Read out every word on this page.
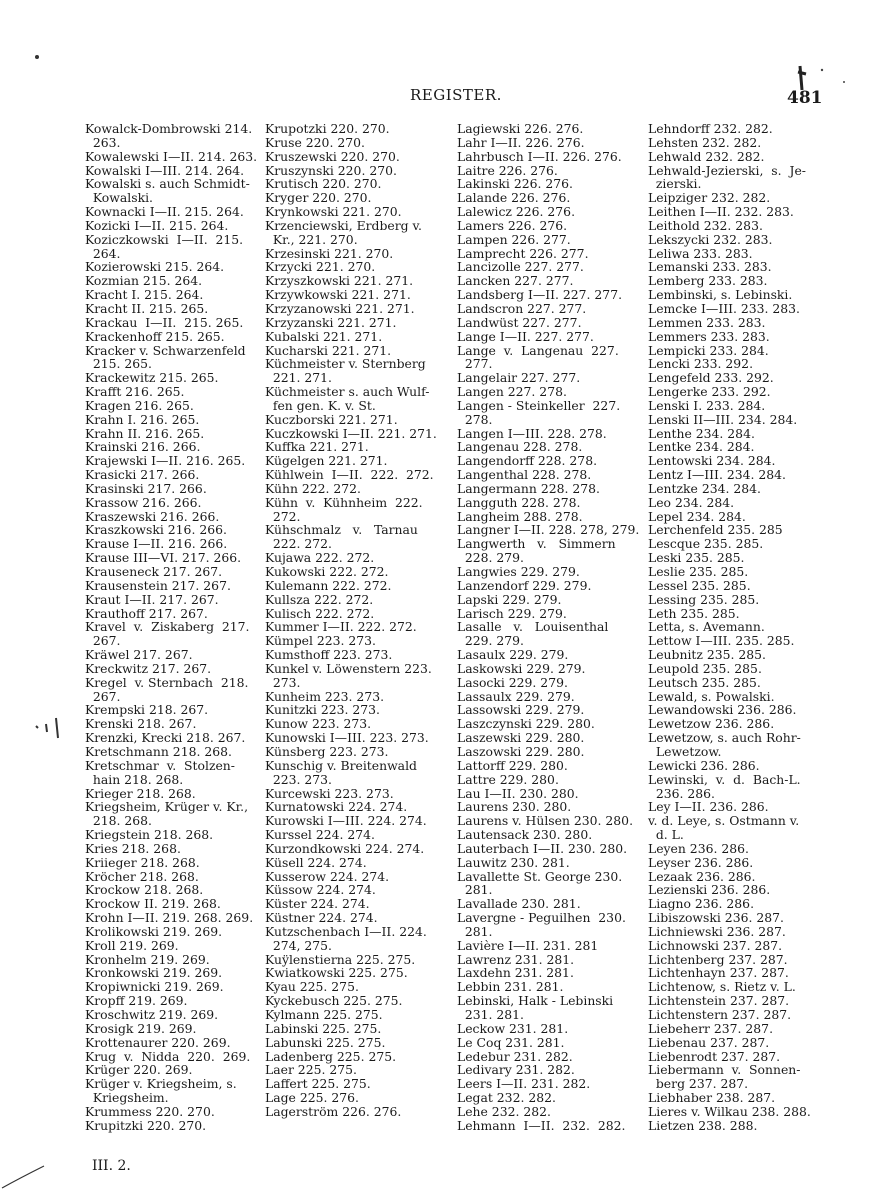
REGISTER.	481
Kowalck-Dombrowski 214.
263.
Kowalewski I—II. 214. 263.
Kowalski I—III. 214. 264.
Kowalski s. auch Schmidt-
Kowalski.
Kownacki I—II. 215. 264.
Kozicki I—II. 215. 264.
Koziczkowski  I—II.  215.
264.
Kozierowski 215. 264.
Kozmian 215. 264.
Kracht I. 215. 264.
Kracht II. 215. 265.
Krackau  I—II.  215. 265.
Krackenhoff 215. 265.
Kracker v. Schwarzenfeld
215. 265.
Krackewitz 215. 265.
Krafft 216. 265.
Kragen 216. 265.
Krahn I. 216. 265.
Krahn II. 216. 265.
Krainski 216. 266.
Krajewski I—II. 216. 265.
Krasicki 217. 266.
Krasinski 217. 266.
Krassow 216. 266.
Kraszewski 216. 266.
Kraszkowski 216. 266.
Krause I—II. 216. 266.
Krause III—VI. 217. 266.
Krauseneck 217. 267.
Krausenstein 217. 267.
Kraut I—II. 217. 267.
Krauthoff 217. 267.
Kravel  v.  Ziskaberg  217.
267.
Kräwel 217. 267.
Kreckwitz 217. 267.
Kregel  v. Sternbach  218.
267.
Krempski 218. 267.
Krenski 218. 267.
Krenzki, Krecki 218. 267.
Kretschmann 218. 268.
Kretschmar  v.  Stolzen-
hain 218. 268.
Krieger 218. 268.
Kriegsheim, Krüger v. Kr.,
218. 268.
Kriegstein 218. 268.
Kries 218. 268.
Kriieger 218. 268.
Kröcher 218. 268.
Krockow 218. 268.
Krockow II. 219. 268.
Krohn I—II. 219. 268. 269.
Krolikowski 219. 269.
Kroll 219. 269.
Kronhelm 219. 269.
Kronkowski 219. 269.
Kropiwnicki 219. 269.
Kropff 219. 269.
Kroschwitz 219. 269.
Krosigk 219. 269.
Krottenaurer 220. 269.
Krug  v.  Nidda  220.  269.
Krüger 220. 269.
Krüger v. Kriegsheim, s.
Kriegsheim.
Krummess 220. 270.
Krupitzki 220. 270.
Krupotzki 220. 270.
Kruse 220. 270.
Kruszewski 220. 270.
Kruszynski 220. 270.
Krutisch 220. 270.
Kryger 220. 270.
Krynkowski 221. 270.
Krzenciewski, Erdberg v.
Kr., 221. 270.
Krzesinski 221. 270.
Krzycki 221. 270.
Krzyszkowski 221. 271.
Krzywkowski 221. 271.
Krzyzanowski 221. 271.
Krzyzanski 221. 271.
Kubalski 221. 271.
Kucharski 221. 271.
Küchmeister v. Sternberg
221. 271.
Küchmeister s. auch Wulf-
fen gen. K. v. St.
Kuczborski 221. 271.
Kuczkowski I—II. 221. 271.
Kuffka 221. 271.
Kügelgen 221. 271.
Kühlwein  I—II.  222.  272.
Kühn 222. 272.
Kühn  v.  Kühnheim  222.
272.
Kühschmalz   v.   Tarnau
222. 272.
Kujawa 222. 272.
Kukowski 222. 272.
Kulemann 222. 272.
Kullsza 222. 272.
Kulisch 222. 272.
Kummer I—II. 222. 272.
Kümpel 223. 273.
Kumsthoff 223. 273.
Kunkel v. Löwenstern 223.
273.
Kunheim 223. 273.
Kunitzki 223. 273.
Kunow 223. 273.
Kunowski I—III. 223. 273.
Künsberg 223. 273.
Kunschig v. Breitenwald
223. 273.
Kurcewski 223. 273.
Kurnatowski 224. 274.
Kurowski I—III. 224. 274.
Kurssel 224. 274.
Kurzondkowski 224. 274.
Küsell 224. 274.
Kusserow 224. 274.
Küssow 224. 274.
Küster 224. 274.
Küstner 224. 274.
Kutzschenbach I—II. 224.
274, 275.
Kuÿlenstierna 225. 275.
Kwiatkowski 225. 275.
Kyau 225. 275.
Kyckebusch 225. 275.
Kylmann 225. 275.
Labinski 225. 275.
Labunski 225. 275.
Ladenberg 225. 275.
Laer 225. 275.
Laffert 225. 275.
Lage 225. 276.
Lagerström 226. 276.
Lagiewski 226. 276.
Lahr I—II. 226. 276.
Lahrbusch I—II. 226. 276.
Laitre 226. 276.
Lakinski 226. 276.
Lalande 226. 276.
Lalewicz 226. 276.
Lamers 226. 276.
Lampen 226. 277.
Lamprecht 226. 277.
Lancizolle 227. 277.
Lancken 227. 277.
Landsberg I—II. 227. 277.
Landscron 227. 277.
Landwüst 227. 277.
Lange I—II. 227. 277.
Lange  v.  Langenau  227.
277.
Langelair 227. 277.
Langen 227. 278.
Langen - Steinkeller  227.
278.
Langen I—III. 228. 278.
Langenau 228. 278.
Langendorff 228. 278.
Langenthal 228. 278.
Langermann 228. 278.
Langguth 228. 278.
Langheim 288. 278.
Langner I—II. 228. 278, 279.
Langwerth   v.   Simmern
228. 279.
Langwies 229. 279.
Lanzendorf 229. 279.
Lapski 229. 279.
Larisch 229. 279.
Lasalle   v.   Louisenthal
229. 279.
Lasaulx 229. 279.
Laskowski 229. 279.
Lasocki 229. 279.
Lassaulx 229. 279.
Lassowski 229. 279.
Laszczynski 229. 280.
Laszewski 229. 280.
Laszowski 229. 280.
Lattorff 229. 280.
Lattre 229. 280.
Lau I—II. 230. 280.
Laurens 230. 280.
Laurens v. Hülsen 230. 280.
Lautensack 230. 280.
Lauterbach I—II. 230. 280.
Lauwitz 230. 281.
Lavallette St. George 230.
281.
Lavallade 230. 281.
Lavergne - Peguilhen  230.
281.
Lavière I—II. 231. 281
Lawrenz 231. 281.
Laxdehn 231. 281.
Lebbin 231. 281.
Lebinski, Halk - Lebinski
231. 281.
Leckow 231. 281.
Le Coq 231. 281.
Ledebur 231. 282.
Ledivary 231. 282.
Leers I—II. 231. 282.
Legat 232. 282.
Lehe 232. 282.
Lehmann  I—II.  232.  282.
Lehndorff 232. 282.
Lehsten 232. 282.
Lehwald 232. 282.
Lehwald-Jezierski,  s.  Je-
zierski.
Leipziger 232. 282.
Leithen I—II. 232. 283.
Leithold 232. 283.
Lekszycki 232. 283.
Leliwa 233. 283.
Lemanski 233. 283.
Lemberg 233. 283.
Lembinski, s. Lebinski.
Lemcke I—III. 233. 283.
Lemmen 233. 283.
Lemmers 233. 283.
Lempicki 233. 284.
Lencki 233. 292.
Lengefeld 233. 292.
Lengerke 233. 292.
Lenski I. 233. 284.
Lenski II—III. 234. 284.
Lenthe 234. 284.
Lentke 234. 284.
Lentowski 234. 284.
Lentz I—III. 234. 284.
Lentzke 234. 284.
Leo 234. 284.
Lepel 234. 284.
Lerchenfeld 235. 285
Lescque 235. 285.
Leski 235. 285.
Leslie 235. 285.
Lessel 235. 285.
Lessing 235. 285.
Leth 235. 285.
Letta, s. Avemann.
Lettow I—III. 235. 285.
Leubnitz 235. 285.
Leupold 235. 285.
Leutsch 235. 285.
Lewald, s. Powalski.
Lewandowski 236. 286.
Lewetzow 236. 286.
Lewetzow, s. auch Rohr-
Lewetzow.
Lewicki 236. 286.
Lewinski,  v.  d.  Bach-L.
236. 286.
Ley I—II. 236. 286.
v. d. Leye, s. Ostmann v.
d. L.
Leyen 236. 286.
Leyser 236. 286.
Lezaak 236. 286.
Lezienski 236. 286.
Liagno 236. 286.
Libiszowski 236. 287.
Lichniewski 236. 287.
Lichnowski 237. 287.
Lichtenberg 237. 287.
Lichtenhayn 237. 287.
Lichtenow, s. Rietz v. L.
Lichtenstein 237. 287.
Lichtenstern 237. 287.
Liebeherr 237. 287.
Liebenau 237. 287.
Liebenrodt 237. 287.
Liebermann  v.  Sonnen-
berg 237. 287.
Liebhaber 238. 287.
Lieres v. Wilkau 238. 288.
Lietzen 238. 288.
III. 2.
